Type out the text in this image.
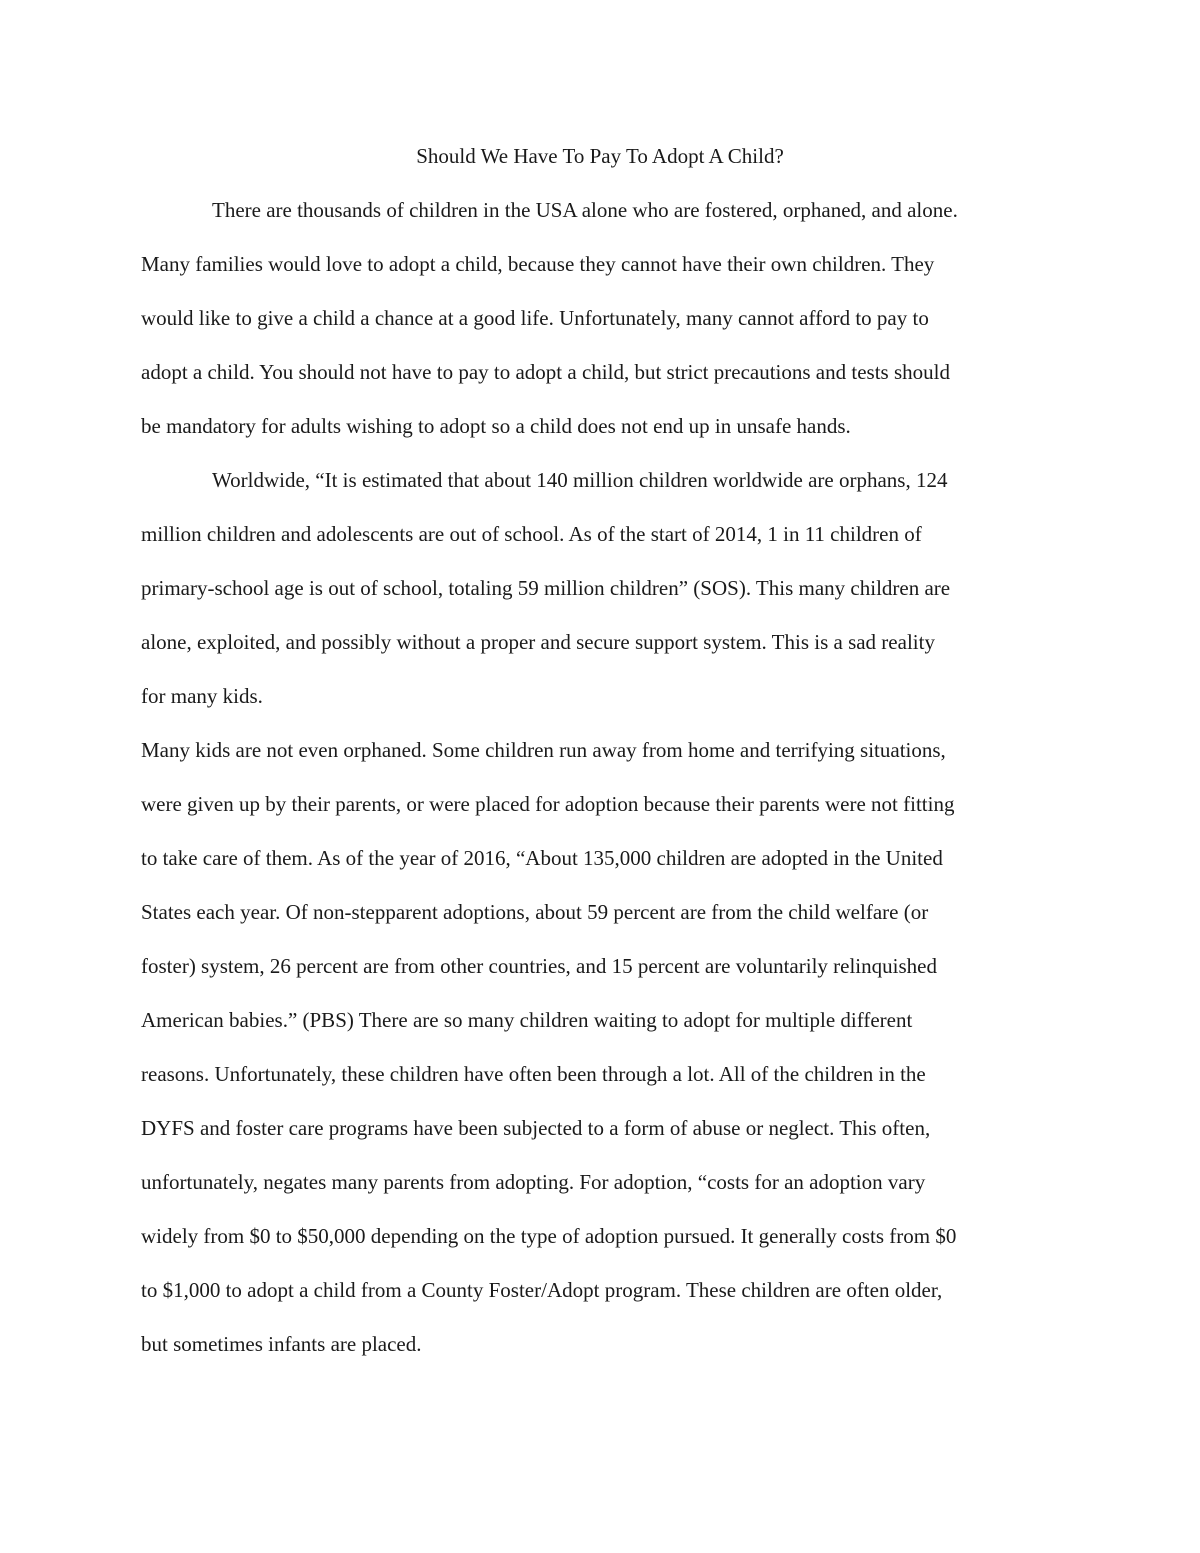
Should We Have To Pay To Adopt A Child?
There are thousands of children in the USA alone who are fostered, orphaned, and alone.
Many families would love to adopt a child, because they cannot have their own children. They
would like to give a child a chance at a good life. Unfortunately, many cannot afford to pay to
adopt a child. You should not have to pay to adopt a child, but strict precautions and tests should
be mandatory for adults wishing to adopt so a child does not end up in unsafe hands.
Worldwide, “It is estimated that about 140 million children worldwide are orphans, 124
million children and adolescents are out of school. As of the start of 2014, 1 in 11 children of
primary-school age is out of school, totaling 59 million children” (SOS). This many children are
alone, exploited, and possibly without a proper and secure support system. This is a sad reality
for many kids.
Many kids are not even orphaned. Some children run away from home and terrifying situations,
were given up by their parents, or were placed for adoption because their parents were not fitting
to take care of them. As of the year of 2016, “About 135,000 children are adopted in the United
States each year. Of non-stepparent adoptions, about 59 percent are from the child welfare (or
foster) system, 26 percent are from other countries, and 15 percent are voluntarily relinquished
American babies.” (PBS) There are so many children waiting to adopt for multiple different
reasons. Unfortunately, these children have often been through a lot. All of the children in the
DYFS and foster care programs have been subjected to a form of abuse or neglect. This often,
unfortunately, negates many parents from adopting. For adoption, “costs for an adoption vary
widely from $0 to $50,000 depending on the type of adoption pursued. It generally costs from $0
to $1,000 to adopt a child from a County Foster/Adopt program. These children are often older,
but sometimes infants are placed.
